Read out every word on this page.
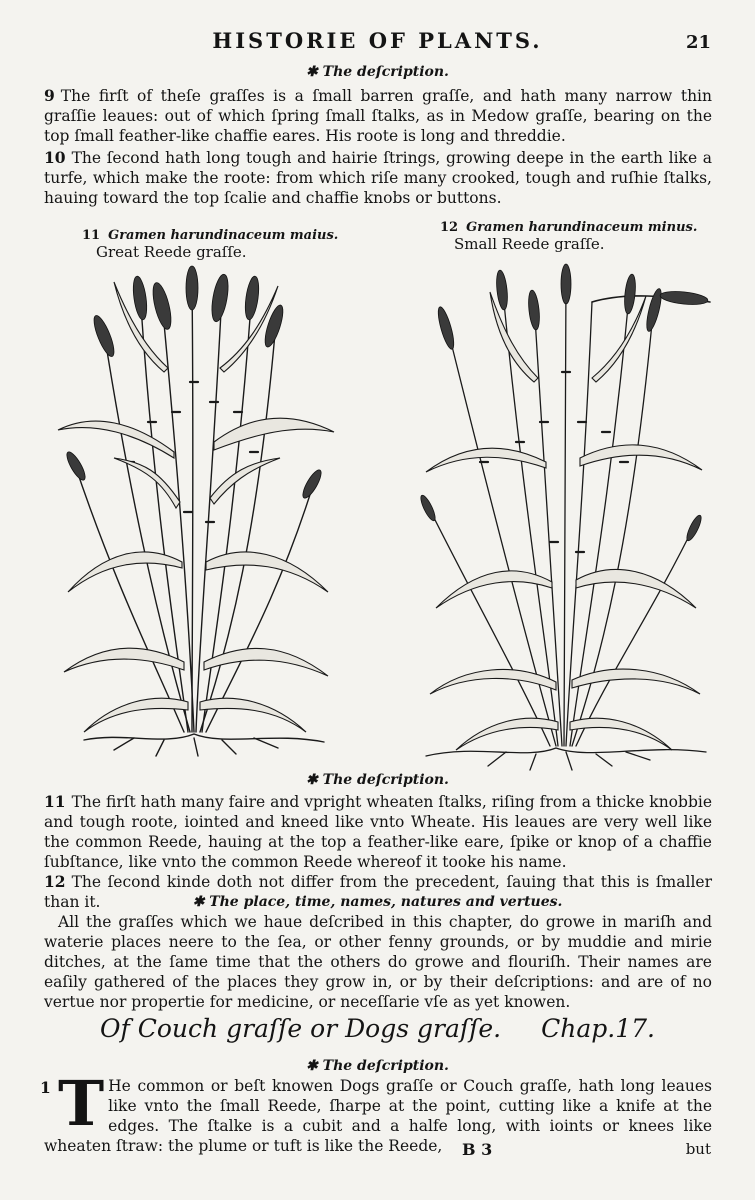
HISTORIE OF PLANTS.	21
✱ The deſcription.
9 The firſt of theſe graſſes is a ſmall barren graſſe, and hath many narrow thin graſſie leaues: out of which ſpring ſmall ſtalks, as in Medow graſſe, bearing on the top ſmall feather-like chaffie eares. His roote is long and threddie.
10 The ſecond hath long tough and hairie ſtrings, growing deepe in the earth like a turfe, which make the roote: from which riſe many crooked, tough and ruſhie ſtalks, hauing toward the top ſcalie and chaffie knobs or buttons.
11 Gramen harundinaceum maius.
Great Reede graſſe.
12 Gramen harundinaceum minus.
Small Reede graſſe.
✱ The deſcription.
11 The firſt hath many faire and vpright wheaten ſtalks, riſing from a thicke knobbie and tough roote, iointed and kneed like vnto Wheate. His leaues are very well like the common Reede, hauing at the top a feather-like eare, ſpike or knop of a chaffie ſubſtance, like vnto the common Reede whereof it tooke his name.
12 The ſecond kinde doth not differ from the precedent, ſauing that this is ſmaller than it.	✱ The place, time, names, natures and vertues.
All the graſſes which we haue deſcribed in this chapter, do growe in mariſh and waterie places neere to the ſea, or other fenny grounds, or by muddie and mirie ditches, at the ſame time that the others do growe and flouriſh. Their names are eaſily gathered of the places they grow in, or by their deſcriptions: and are of no vertue nor propertie for medicine, or neceſſarie vſe as yet knowen.
Of Couch graſſe or Dogs graſſe. Chap.17.
✱ The deſcription.
1 T He common or beſt knowen Dogs graſſe or Couch graſſe, hath long leaues like vnto the ſmall Reede, ſharpe at the point, cutting like a knife at the edges. The ſtalke is a cubit and a halfe long, with ioints or knees like wheaten ſtraw: the plume or tuft is like the Reede,	B 3	but
